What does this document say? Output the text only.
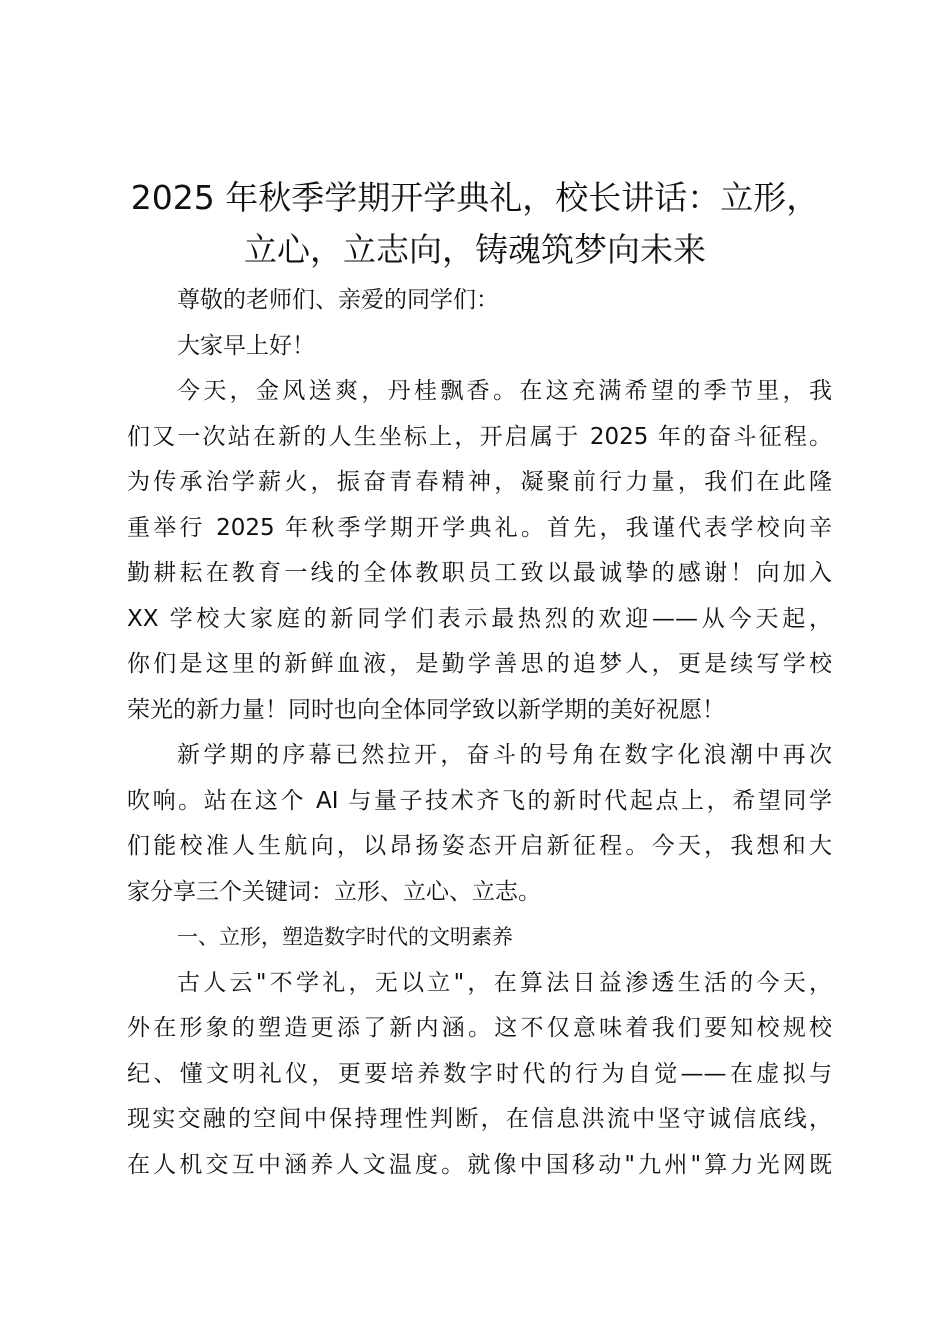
2025 年秋季学期开学典礼，校长讲话：立形，
立心，立志向，铸魂筑梦向未来
尊敬的老师们、亲爱的同学们：
大家早上好！
今天，金风送爽，丹桂飘香。在这充满希望的季节里，我
们又一次站在新的人生坐标上，开启属于 2025 年的奋斗征程。
为传承治学薪火，振奋青春精神，凝聚前行力量，我们在此隆
重举行 2025 年秋季学期开学典礼。首先，我谨代表学校向辛
勤耕耘在教育一线的全体教职员工致以最诚挚的感谢！向加入
XX 学校大家庭的新同学们表示最热烈的欢迎——从今天起，
你们是这里的新鲜血液，是勤学善思的追梦人，更是续写学校
荣光的新力量！同时也向全体同学致以新学期的美好祝愿！
新学期的序幕已然拉开，奋斗的号角在数字化浪潮中再次
吹响。站在这个 AI 与量子技术齐飞的新时代起点上，希望同学
们能校准人生航向，以昂扬姿态开启新征程。今天，我想和大
家分享三个关键词：立形、立心、立志。
一、立形，塑造数字时代的文明素养
古人云"不学礼，无以立"，在算法日益渗透生活的今天，
外在形象的塑造更添了新内涵。这不仅意味着我们要知校规校
纪、懂文明礼仪，更要培养数字时代的行为自觉——在虚拟与
现实交融的空间中保持理性判断，在信息洪流中坚守诚信底线，
在人机交互中涵养人文温度。就像中国移动"九州"算力光网既
